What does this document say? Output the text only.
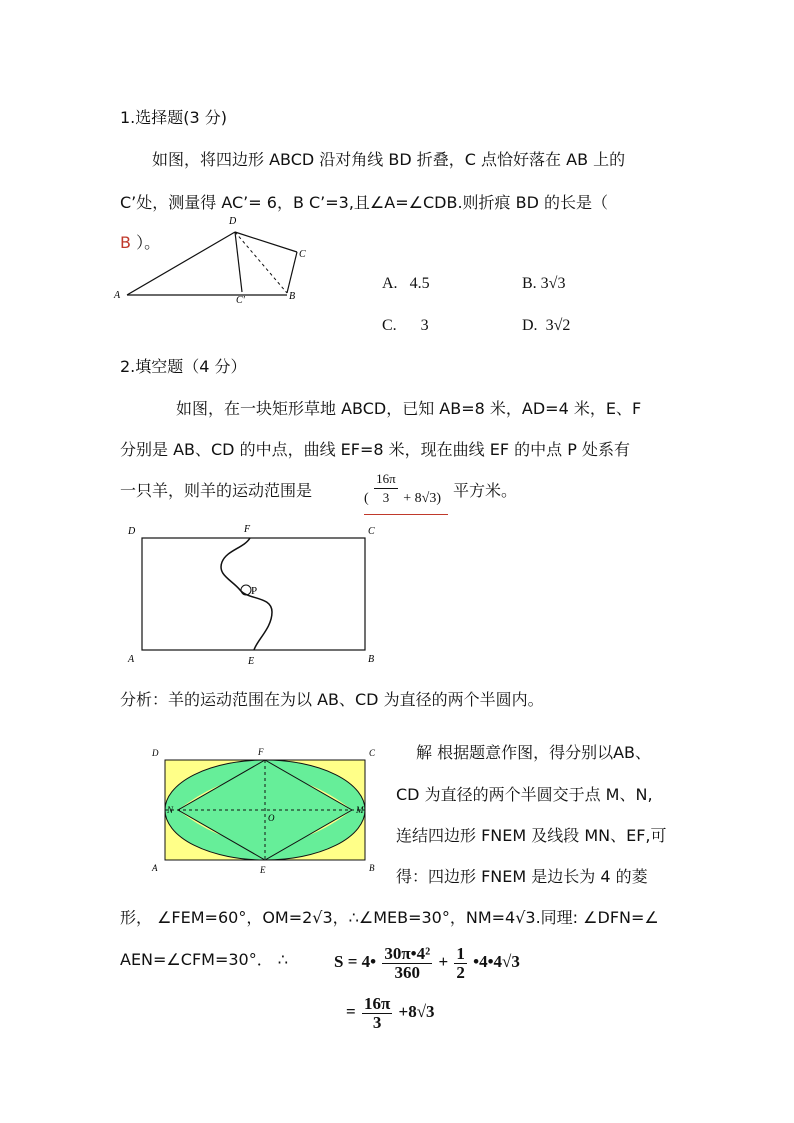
1.选择题(3 分)
如图，将四边形 ABCD 沿对角线 BD 折叠，C 点恰好落在 AB 上的
C’处，测量得 AC’= 6，B C’=3,且∠A=∠CDB.则折痕 BD 的长是（
B ）。
A	B
C
D
C'
A. 4.5	B. 3√3
C. 3	D. 3√2
2.填空题（4 分）
如图，在一块矩形草地 ABCD，已知 AB=8 米，AD=4 米，E、F
分别是 AB、CD 的中点，曲线 EF=8 米，现在曲线 EF 的中点 P 处系有
一只羊，则羊的运动范围是	( $\frac{16\pi}{3} + 8√3$) 平方米。
D	F	C
A	E	B
P
分析：羊的运动范围在为以 AB、CD 为直径的两个半圆内。
D	F	C
N	M
O
A	E	B
解 根据题意作图，得分别以AB、
CD 为直径的两个半圆交于点 M、N,
连结四边形 FNEM 及线段 MN、EF,可
得：四边形 FNEM 是边长为 4 的菱
形， ∠FEM=60°，OM=2√3，∴∠MEB=30°，NM=4√3.同理: ∠DFN=∠
AEN=∠CFM=30°． ∴	S = 4• $\frac{\text{30π•4²}}{360} + \frac{1}{2}$ •4•4√3
= $\frac{16\pi}{3} +8√3$
